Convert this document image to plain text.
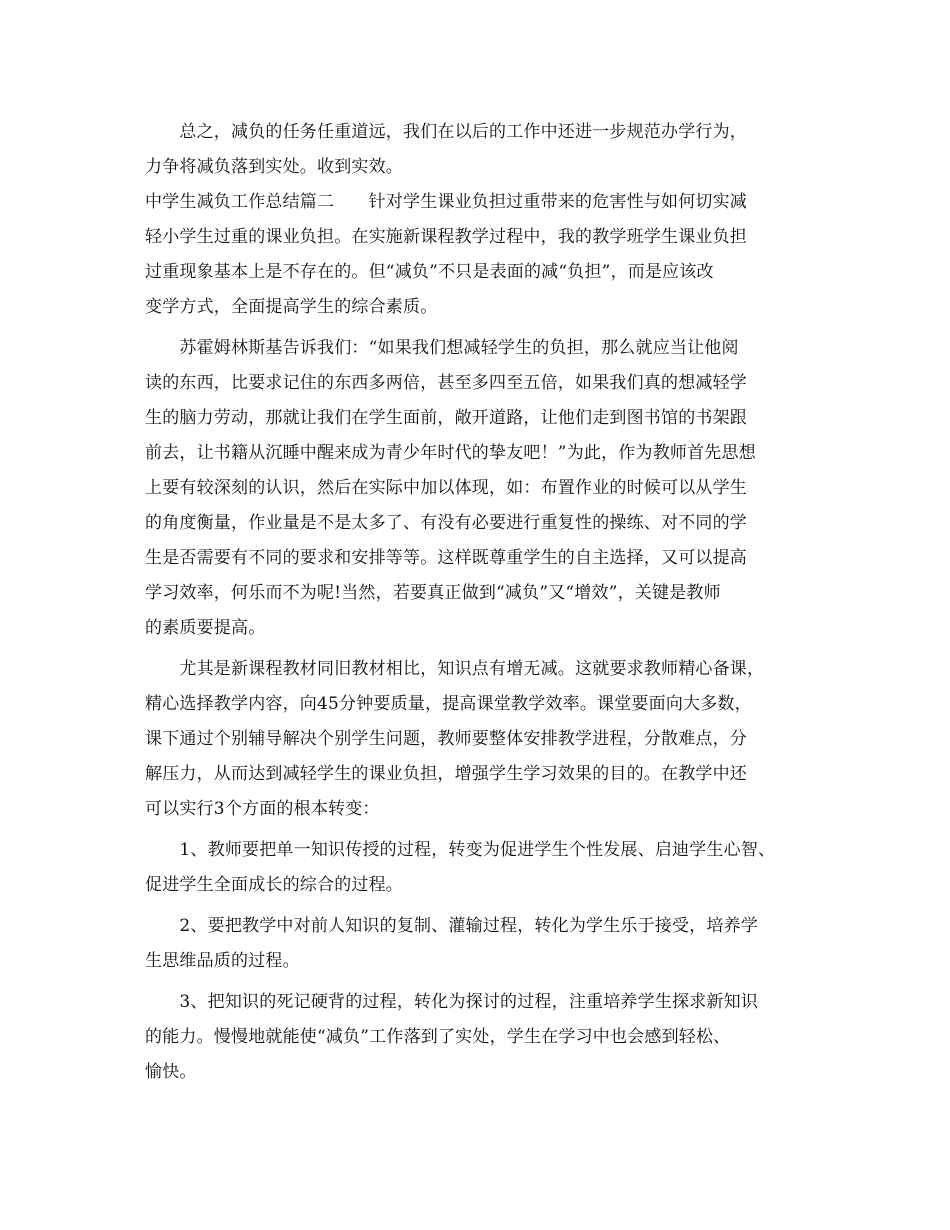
　　总之，减负的任务任重道远，我们在以后的工作中还进一步规范办学行为，
力争将减负落到实处。收到实效。
中学生减负工作总结篇二　　针对学生课业负担过重带来的危害性与如何切实减
轻小学生过重的课业负担。在实施新课程教学过程中，我的教学班学生课业负担
过重现象基本上是不存在的。但“减负”不只是表面的减“负担”，而是应该改
变学方式，全面提高学生的综合素质。
　　苏霍姆林斯基告诉我们：“如果我们想减轻学生的负担，那么就应当让他阅
读的东西，比要求记住的东西多两倍，甚至多四至五倍，如果我们真的想减轻学
生的脑力劳动，那就让我们在学生面前，敞开道路，让他们走到图书馆的书架跟
前去，让书籍从沉睡中醒来成为青少年时代的挚友吧！”为此，作为教师首先思想
上要有较深刻的认识，然后在实际中加以体现，如：布置作业的时候可以从学生
的角度衡量，作业量是不是太多了、有没有必要进行重复性的操练、对不同的学
生是否需要有不同的要求和安排等等。这样既尊重学生的自主选择，又可以提高
学习效率，何乐而不为呢!当然，若要真正做到“减负”又“增效”，关键是教师
的素质要提高。
　　尤其是新课程教材同旧教材相比，知识点有增无减。这就要求教师精心备课，
精心选择教学内容，向45分钟要质量，提高课堂教学效率。课堂要面向大多数，
课下通过个别辅导解决个别学生问题，教师要整体安排教学进程，分散难点，分
解压力，从而达到减轻学生的课业负担，增强学生学习效果的目的。在教学中还
可以实行3个方面的根本转变：
　　1、教师要把单一知识传授的过程，转变为促进学生个性发展、启迪学生心智、
促进学生全面成长的综合的过程。
　　2、要把教学中对前人知识的复制、灌输过程，转化为学生乐于接受，培养学
生思维品质的过程。
　　3、把知识的死记硬背的过程，转化为探讨的过程，注重培养学生探求新知识
的能力。慢慢地就能使“减负”工作落到了实处，学生在学习中也会感到轻松、
愉快。
